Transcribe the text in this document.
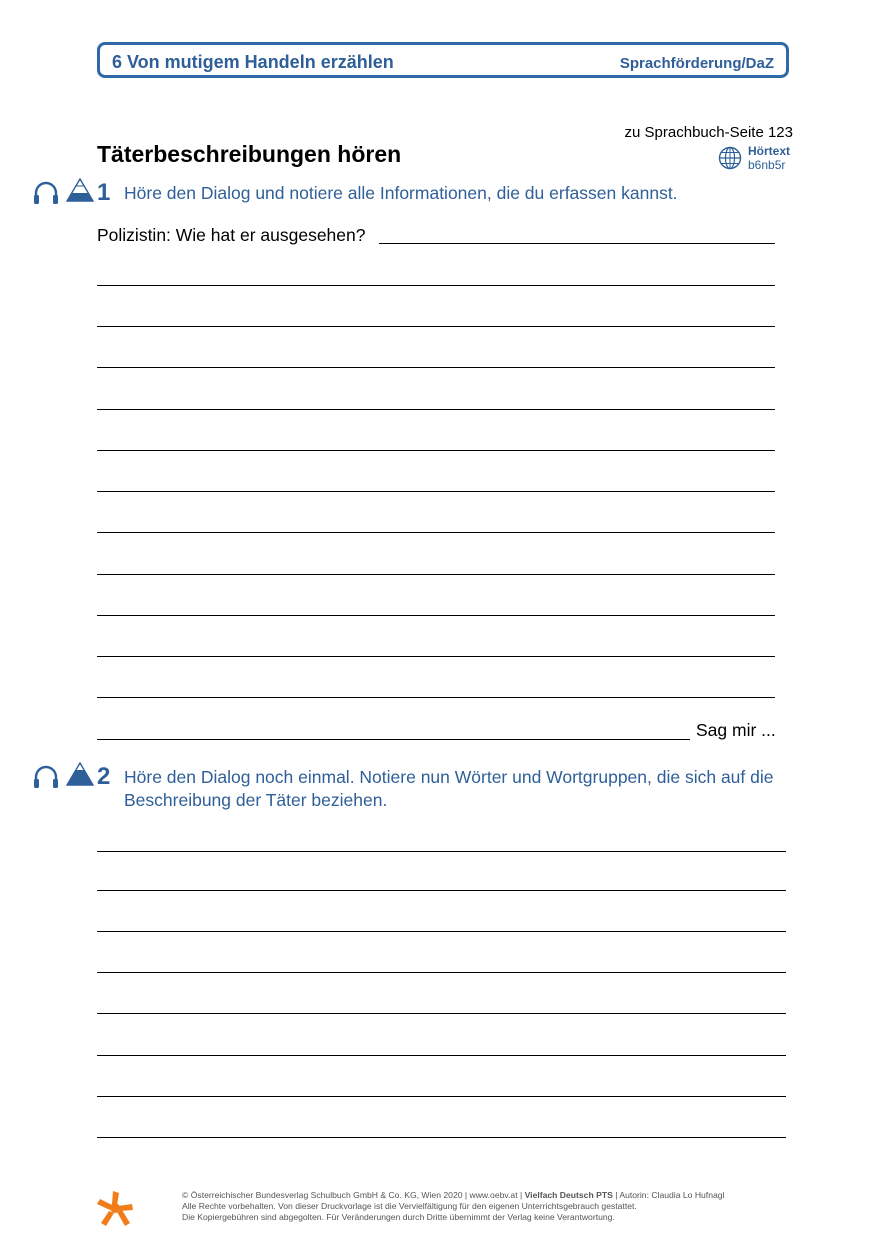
6 Von mutigem Handeln erzählen	Sprachförderung/DaZ
zu Sprachbuch-Seite 123
Täterbeschreibungen hören	Hörtext
b6nb5r
1 Höre den Dialog und notiere alle Informationen, die du erfassen kannst.
Polizistin: Wie hat er ausgesehen?
Sag mir ...
2 Höre den Dialog noch einmal. Notiere nun Wörter und Wortgruppen, die sich auf die
Beschreibung der Täter beziehen.
© Österreichischer Bundesverlag Schulbuch GmbH & Co. KG, Wien 2020 | www.oebv.at | Vielfach Deutsch PTS | Autorin: Claudia Lo Hufnagl
Alle Rechte vorbehalten. Von dieser Druckvorlage ist die Vervielfältigung für den eigenen Unterrichtsgebrauch gestattet.
Die Kopiergebühren sind abgegolten. Für Veränderungen durch Dritte übernimmt der Verlag keine Verantwortung.
